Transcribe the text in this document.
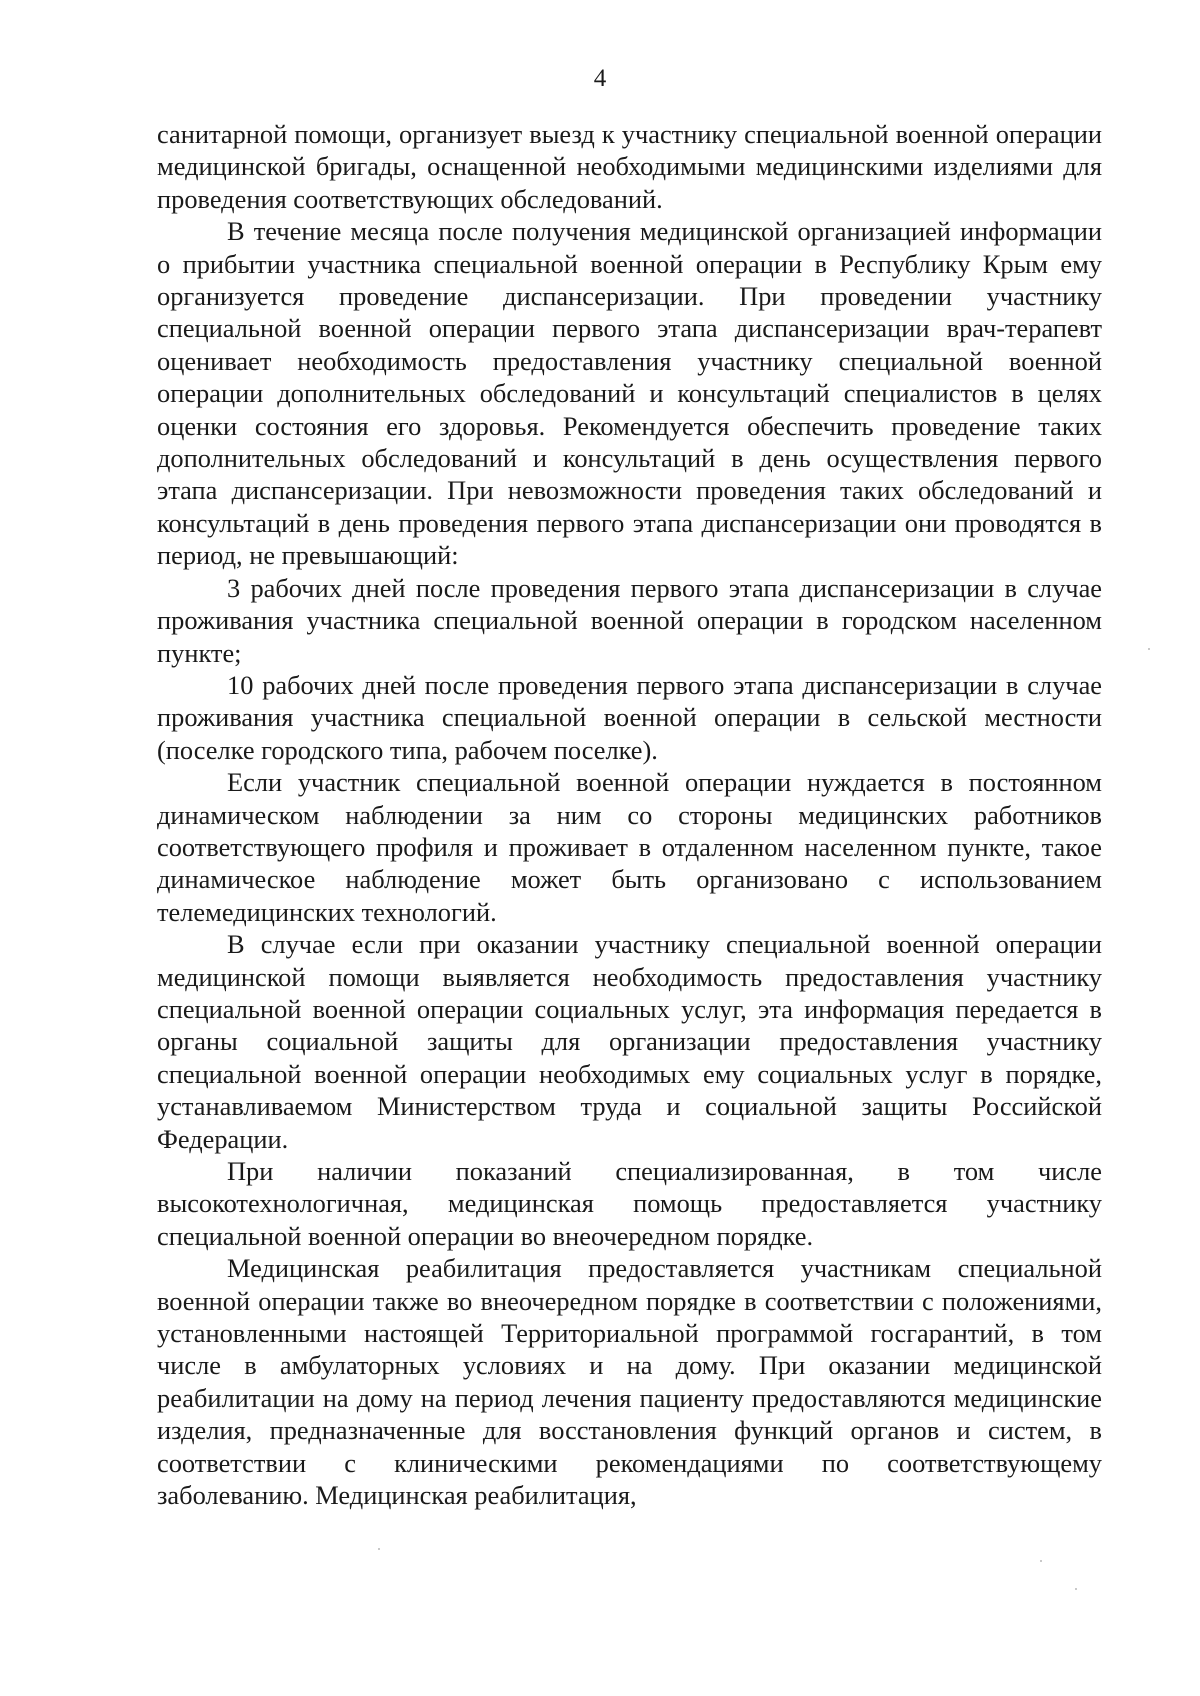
4

санитарной помощи, организует выезд к участнику специальной военной операции медицинской бригады, оснащенной необходимыми медицинскими изделиями для проведения соответствующих обследований.

В течение месяца после получения медицинской организацией информации о прибытии участника специальной военной операции в Республику Крым ему организуется проведение диспансеризации. При проведении участнику специальной военной операции первого этапа диспансеризации врач-терапевт оценивает необходимость предоставления участнику специальной военной операции дополнительных обследований и консультаций специалистов в целях оценки состояния его здоровья. Рекомендуется обеспечить проведение таких дополнительных обследований и консультаций в день осуществления первого этапа диспансеризации. При невозможности проведения таких обследований и консультаций в день проведения первого этапа диспансеризации они проводятся в период, не превышающий:

3 рабочих дней после проведения первого этапа диспансеризации в случае проживания участника специальной военной операции в городском населенном пункте;

10 рабочих дней после проведения первого этапа диспансеризации в случае проживания участника специальной военной операции в сельской местности (поселке городского типа, рабочем поселке).

Если участник специальной военной операции нуждается в постоянном динамическом наблюдении за ним со стороны медицинских работников соответствующего профиля и проживает в отдаленном населенном пункте, такое динамическое наблюдение может быть организовано с использованием телемедицинских технологий.

В случае если при оказании участнику специальной военной операции медицинской помощи выявляется необходимость предоставления участнику специальной военной операции социальных услуг, эта информация передается в органы социальной защиты для организации предоставления участнику специальной военной операции необходимых ему социальных услуг в порядке, устанавливаемом Министерством труда и социальной защиты Российской Федерации.

При наличии показаний специализированная, в том числе высокотехнологичная, медицинская помощь предоставляется участнику специальной военной операции во внеочередном порядке.

Медицинская реабилитация предоставляется участникам специальной военной операции также во внеочередном порядке в соответствии с положениями, установленными настоящей Территориальной программой госгарантий, в том числе в амбулаторных условиях и на дому. При оказании медицинской реабилитации на дому на период лечения пациенту предоставляются медицинские изделия, предназначенные для восстановления функций органов и систем, в соответствии с клиническими рекомендациями по соответствующему заболеванию. Медицинская реабилитация,
